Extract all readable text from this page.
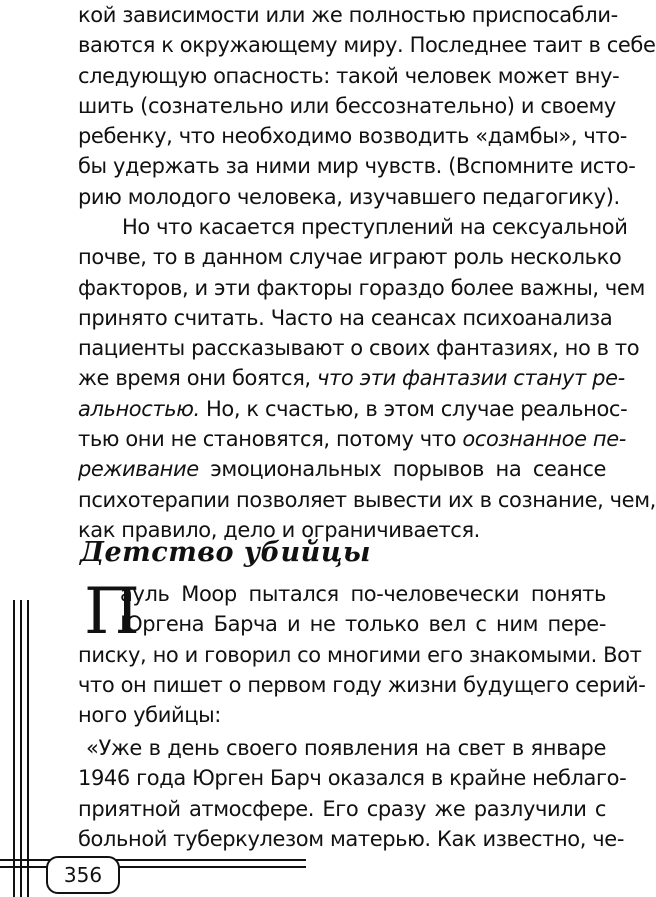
кой зависимости или же полностью приспосабли-
ваются к окружающему миру. Последнее таит в себе
следующую опасность: такой человек может вну-
шить (сознательно или бессознательно) и своему
ребенку, что необходимо возводить «дамбы», что-
бы удержать за ними мир чувств. (Вспомните исто-
рию молодого человека, изучавшего педагогику).
Но что касается преступлений на сексуальной
почве, то в данном случае играют роль несколько
факторов, и эти факторы гораздо более важны, чем
принято считать. Часто на сеансах психоанализа
пациенты рассказывают о своих фантазиях, но в то
же время они боятся, что эти фантазии станут ре-
альностью. Но, к счастью, в этом случае реальнос-
тью они не становятся, потому что осознанное пе-
реживание эмоциональных порывов на сеансе
психотерапии позволяет вывести их в сознание, чем,
как правило, дело и ограничивается.
Детство убийцы
П
ауль Моор пытался по-человечески понять
Юргена Барча и не только вел с ним пере-
писку, но и говорил со многими его знакомыми. Вот
что он пишет о первом году жизни будущего серий-
ного убийцы:
«Уже в день своего появления на свет в январе
1946 года Юрген Барч оказался в крайне неблаго-
приятной атмосфере. Его сразу же разлучили с
больной туберкулезом матерью. Как известно, че-
356
